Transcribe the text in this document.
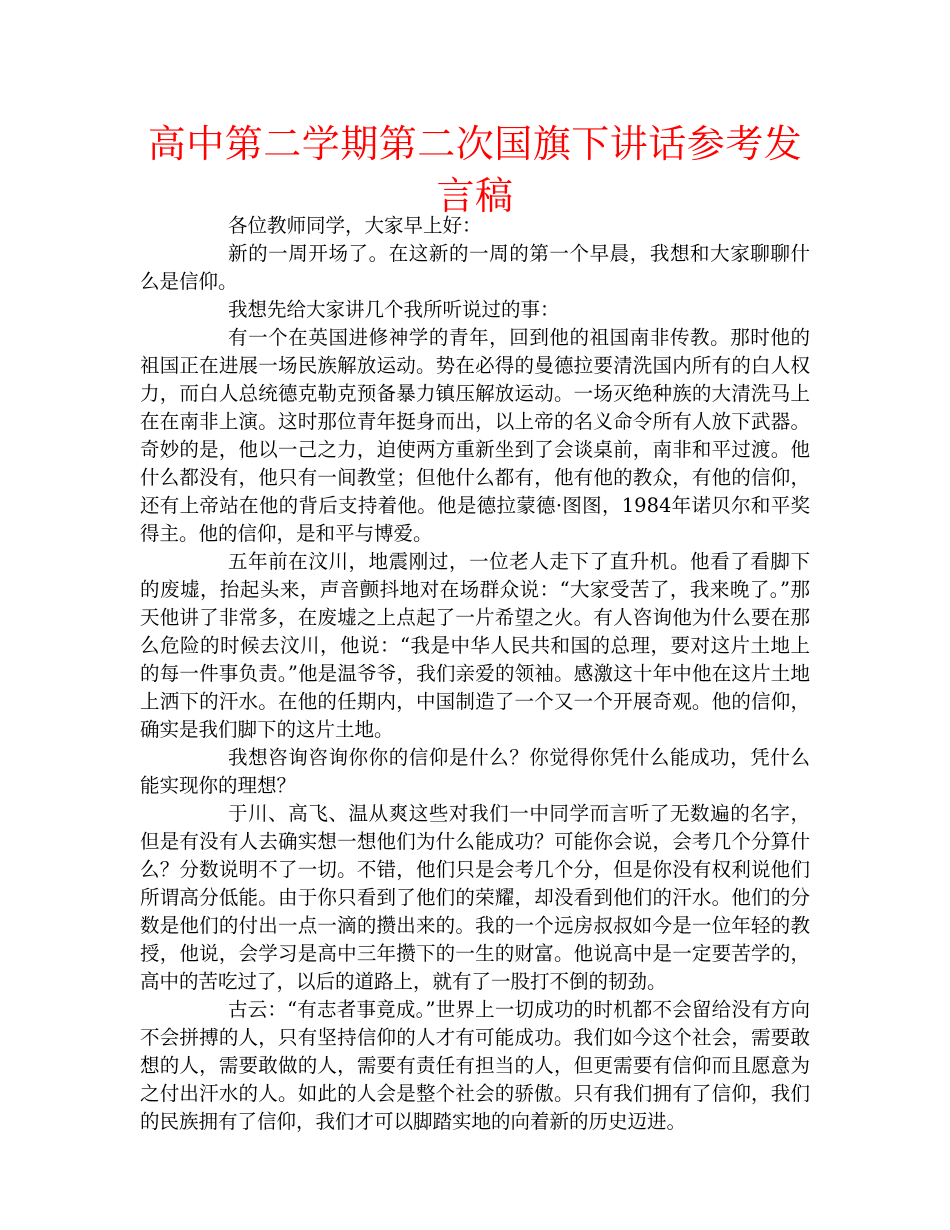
高中第二学期第二次国旗下讲话参考发言稿

各位教师同学，大家早上好：

新的一周开场了。在这新的一周的第一个早晨，我想和大家聊聊什么是信仰。

我想先给大家讲几个我所听说过的事：

有一个在英国进修神学的青年，回到他的祖国南非传教。那时他的祖国正在进展一场民族解放运动。势在必得的曼德拉要清洗国内所有的白人权力，而白人总统德克勒克预备暴力镇压解放运动。一场灭绝种族的大清洗马上在在南非上演。这时那位青年挺身而出，以上帝的名义命令所有人放下武器。奇妙的是，他以一己之力，迫使两方重新坐到了会谈桌前，南非和平过渡。他什么都没有，他只有一间教堂；但他什么都有，他有他的教众，有他的信仰，还有上帝站在他的背后支持着他。他是德拉蒙德·图图，1984年诺贝尔和平奖得主。他的信仰，是和平与博爱。

五年前在汶川，地震刚过，一位老人走下了直升机。他看了看脚下的废墟，抬起头来，声音颤抖地对在场群众说：“大家受苦了，我来晚了。”那天他讲了非常多，在废墟之上点起了一片希望之火。有人咨询他为什么要在那么危险的时候去汶川，他说：“我是中华人民共和国的总理，要对这片土地上的每一件事负责。”他是温爷爷，我们亲爱的领袖。感激这十年中他在这片土地上洒下的汗水。在他的任期内，中国制造了一个又一个开展奇观。他的信仰，确实是我们脚下的这片土地。

我想咨询咨询你你的信仰是什么？你觉得你凭什么能成功，凭什么能实现你的理想？

于川、高飞、温从爽这些对我们一中同学而言听了无数遍的名字，但是有没有人去确实想一想他们为什么能成功？可能你会说，会考几个分算什么？分数说明不了一切。不错，他们只是会考几个分，但是你没有权利说他们所谓高分低能。由于你只看到了他们的荣耀，却没看到他们的汗水。他们的分数是他们的付出一点一滴的攒出来的。我的一个远房叔叔如今是一位年轻的教授，他说，会学习是高中三年攒下的一生的财富。他说高中是一定要苦学的，高中的苦吃过了，以后的道路上，就有了一股打不倒的韧劲。

古云：“有志者事竟成。”世界上一切成功的时机都不会留给没有方向不会拼搏的人，只有坚持信仰的人才有可能成功。我们如今这个社会，需要敢想的人，需要敢做的人，需要有责任有担当的人，但更需要有信仰而且愿意为之付出汗水的人。如此的人会是整个社会的骄傲。只有我们拥有了信仰，我们的民族拥有了信仰，我们才可以脚踏实地的向着新的历史迈进。
